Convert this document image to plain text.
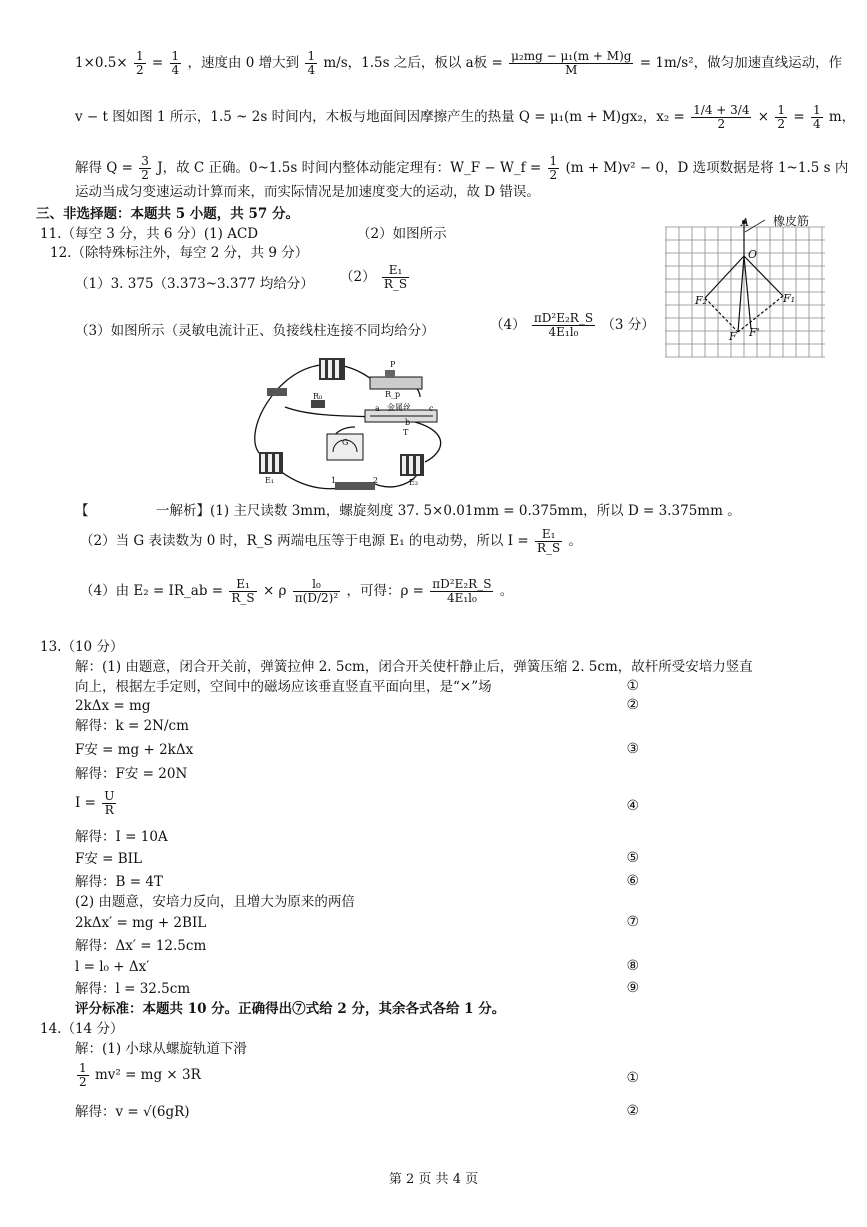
$1\times 0.5\times \frac{1}{2} = \frac{1}{4}$ ，速度由 0 增大到 $\frac{1}{4} m/s$，1.5s 之后，板以 a板 = $\frac{\text{μ₂mg − μ₁(m + M)g}}{M} = 1m/s^2$，做匀加速直线运动，作
v − t 图如图 1 所示，1.5 ~ 2s 时间内，木板与地面间因摩擦产生的热量 Q = μ₁(m + M)gx₂，$x_2 = \frac{1/4 + 3/4}{2} \times \frac{1}{2} = \frac{1}{4}$ m，
解得 $Q = \frac{3}{2}$ J，故 C 正确。0~1.5s 时间内整体动能定理有：W_F − W_f = $\frac{1}{2} (m + M)v^2 - 0$，D 选项数据是将 1~1.5 s 内
运动当成匀变速运动计算而来，而实际情况是加速度变大的运动，故 D 错误。
三、非选择题：本题共 5 小题，共 57 分。
11.（每空 3 分，共 6 分）(1) ACD	（2）如图所示
12.（除特殊标注外，每空 2 分，共 9 分）
（1）3. 375（3.373~3.377 均给分） $(2) \frac{\text{E₁}}{R\_S}$
（3）如图所示（灵敏电流计正、负接线柱连接不同均给分）	$(4) \frac{\text{πD²E₂R\_S}}{\text{4E₁l₀}} (3$ 分）
橡皮筋
A
O
F₂	F₁
F F'
P
R_p
R₀
金属丝
a
b
c
T
G
E₁	E₂
1	2
【　　　　　一解析】(1) 主尺读数 3mm，螺旋刻度 37. 5×0.01mm = 0.375mm，所以 D = 3.375mm 。
（2）当 G 表读数为 0 时，R_S 两端电压等于电源 E₁ 的电动势，所以 $I = \frac{\text{E₁}}{R\_S}$ 。
（4）由 E₂ = IR_ab = $\frac{\text{E₁}}{R\_S} \times \rho \frac{\text{l₀}}{\text{π(D/2)²}}$ ，可得：$\rho = \frac{\text{πD²E₂R\_S}}{\text{4E₁l₀}}$ 。
13.（10 分）
解：(1) 由题意，闭合开关前，弹簧拉伸 2. 5cm，闭合开关使杆静止后，弹簧压缩 2. 5cm，故杆所受安培力竖直
向上，根据左手定则，空间中的磁场应该垂直竖直平面向里，是“×”场	①
2kΔx = mg	②
解得：k = 2N/cm
F安 = mg + 2kΔx	③
解得：F安 = 20N
$I = \frac{U}{R}$	④
解得：I = 10A
F安 = BIL	⑤
解得：B = 4T	⑥
(2) 由题意，安培力反向，且增大为原来的两倍
2kΔx′ = mg + 2BIL	⑦
解得：Δx′ = 12.5cm
l = l₀ + Δx′	⑧
解得：l = 32.5cm	⑨
评分标准：本题共 10 分。正确得出⑦式给 2 分，其余各式各给 1 分。
14.（14 分）
解：(1) 小球从螺旋轨道下滑
$\frac{1}{2} mv^2$ = mg × 3R	①
解得：v = √(6gR)	②
第 2 页 共 4 页
